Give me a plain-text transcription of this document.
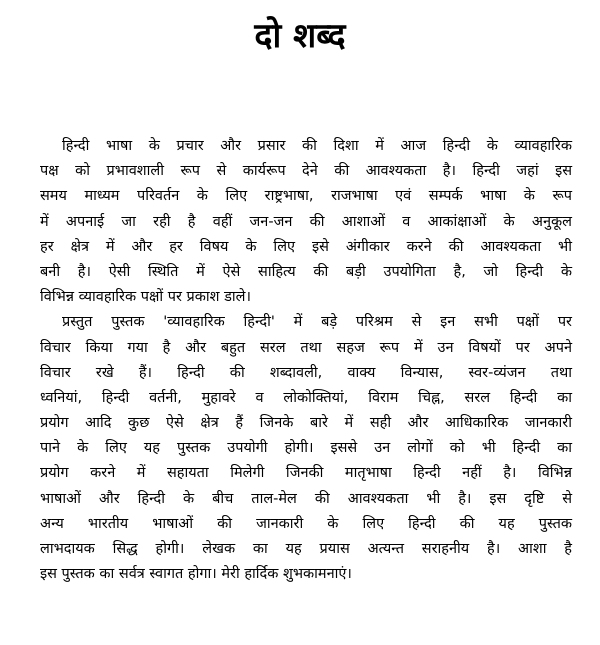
दो शब्द
हिन्दी भाषा के प्रचार और प्रसार की दिशा में आज हिन्दी के व्यावहारिक
पक्ष को प्रभावशाली रूप से कार्यरूप देने की आवश्यकता है। हिन्दी जहां इस
समय माध्यम परिवर्तन के लिए राष्ट्रभाषा, राजभाषा एवं सम्पर्क भाषा के रूप
में अपनाई जा रही है वहीं जन-जन की आशाओं व आकांक्षाओं के अनुकूल
हर क्षेत्र में और हर विषय के लिए इसे अंगीकार करने की आवश्यकता भी
बनी है। ऐसी स्थिति में ऐसे साहित्य की बड़ी उपयोगिता है, जो हिन्दी के
विभिन्न व्यावहारिक पक्षों पर प्रकाश डाले।
प्रस्तुत पुस्तक 'व्यावहारिक हिन्दी' में बड़े परिश्रम से इन सभी पक्षों पर
विचार किया गया है और बहुत सरल तथा सहज रूप में उन विषयों पर अपने
विचार रखे हैं। हिन्दी की शब्दावली, वाक्य विन्यास, स्वर-व्यंजन तथा
ध्वनियां, हिन्दी वर्तनी, मुहावरे व लोकोक्तियां, विराम चिह्न, सरल हिन्दी का
प्रयोग आदि कुछ ऐसे क्षेत्र हैं जिनके बारे में सही और आधिकारिक जानकारी
पाने के लिए यह पुस्तक उपयोगी होगी। इससे उन लोगों को भी हिन्दी का
प्रयोग करने में सहायता मिलेगी जिनकी मातृभाषा हिन्दी नहीं है। विभिन्न
भाषाओं और हिन्दी के बीच ताल-मेल की आवश्यकता भी है। इस दृष्टि से
अन्य भारतीय भाषाओं की जानकारी के लिए हिन्दी की यह पुस्तक
लाभदायक सिद्ध होगी। लेखक का यह प्रयास अत्यन्त सराहनीय है। आशा है
इस पुस्तक का सर्वत्र स्वागत होगा। मेरी हार्दिक शुभकामनाएं।
